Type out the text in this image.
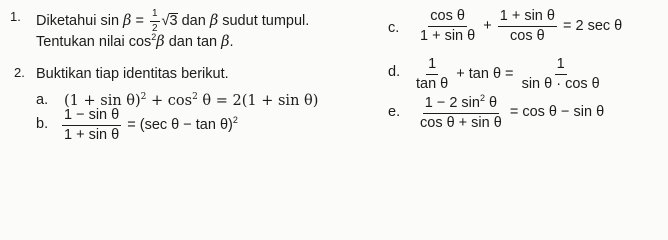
1. Diketahui $\sin \beta = \frac{1}{2} √3$ dan β sudut tumpul.
Tentukan nilai $\cos^2\beta$ dan tan β.
2. Buktikan tiap identitas berikut.
a. $(1 + \sin \theta)^2 + \cos^2 \theta = 2(1 + \sin \theta)$
b. $\frac{\text{1 − sin θ}}{\text{1 + sin θ}} = (\sec$ θ − tan θ)$^2$
c. $\frac{\text{cos θ}}{\text{1 + sin θ}} + \frac{\text{1 + sin θ}}{\text{cos θ}} = 2$ sec θ
d. $\frac{1}{\text{tan θ}} + \tan \theta = \frac{1}{\text{sin θ · cos θ}}$
e. $\frac{1 - 2 \sin^2 \theta}{\text{cos θ + sin θ}} = \cos \theta - \sin \theta$
